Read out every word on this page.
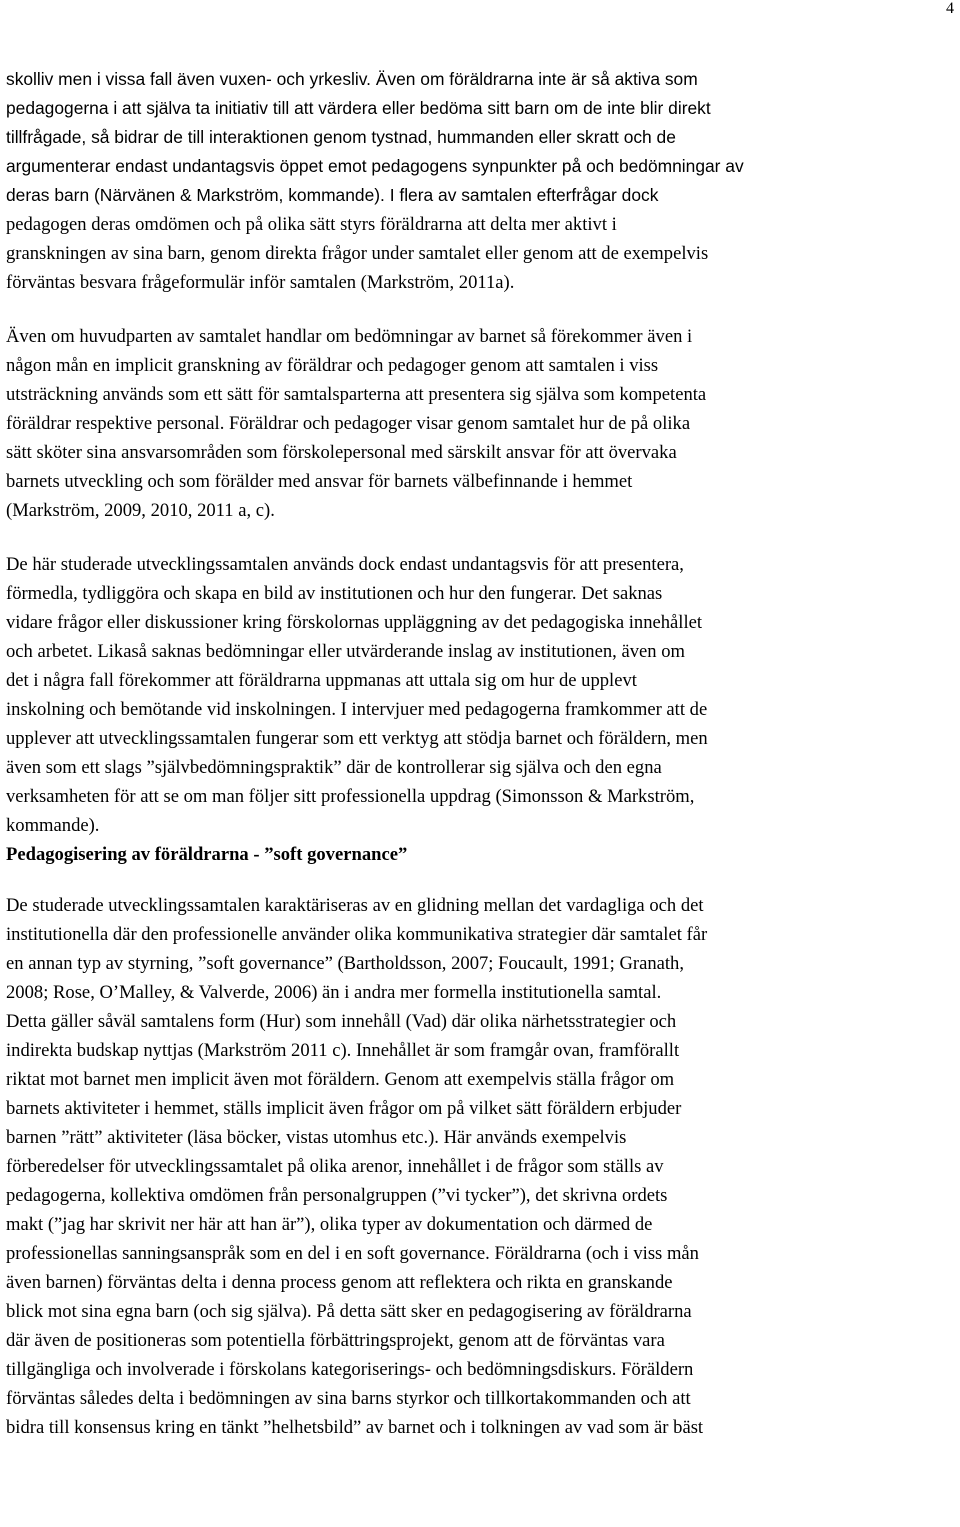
4

skolliv men i vissa fall även vuxen- och yrkesliv. Även om föräldrarna inte är så aktiva som
pedagogerna i att själva ta initiativ till att värdera eller bedöma sitt barn om de inte blir direkt
tillfrågade, så bidrar de till interaktionen genom tystnad, hummanden eller skratt och de
argumenterar endast undantagsvis öppet emot pedagogens synpunkter på och bedömningar av
deras barn (Närvänen & Markström, kommande). I flera av samtalen efterfrågar dock
pedagogen deras omdömen och på olika sätt styrs föräldrarna att delta mer aktivt i
granskningen av sina barn, genom direkta frågor under samtalet eller genom att de exempelvis
förväntas besvara frågeformulär inför samtalen (Markström, 2011a).

Även om huvudparten av samtalet handlar om bedömningar av barnet så förekommer även i
någon mån en implicit granskning av föräldrar och pedagoger genom att samtalen i viss
utsträckning används som ett sätt för samtalsparterna att presentera sig själva som kompetenta
föräldrar respektive personal. Föräldrar och pedagoger visar genom samtalet hur de på olika
sätt sköter sina ansvarsområden som förskolepersonal med särskilt ansvar för att övervaka
barnets utveckling och som förälder med ansvar för barnets välbefinnande i hemmet
(Markström, 2009, 2010, 2011 a, c).

De här studerade utvecklingssamtalen används dock endast undantagsvis för att presentera,
förmedla, tydliggöra och skapa en bild av institutionen och hur den fungerar. Det saknas
vidare frågor eller diskussioner kring förskolornas uppläggning av det pedagogiska innehållet
och arbetet. Likaså saknas bedömningar eller utvärderande inslag av institutionen, även om
det i några fall förekommer att föräldrarna uppmanas att uttala sig om hur de upplevt
inskolning och bemötande vid inskolningen. I intervjuer med pedagogerna framkommer att de
upplever att utvecklingssamtalen fungerar som ett verktyg att stödja barnet och föräldern, men
även som ett slags ”självbedömningspraktik” där de kontrollerar sig själva och den egna
verksamheten för att se om man följer sitt professionella uppdrag (Simonsson & Markström,
kommande).

Pedagogisering av föräldrarna - ”soft governance”

De studerade utvecklingssamtalen karaktäriseras av en glidning mellan det vardagliga och det
institutionella där den professionelle använder olika kommunikativa strategier där samtalet får
en annan typ av styrning, ”soft governance” (Bartholdsson, 2007; Foucault, 1991; Granath,
2008; Rose, O’Malley, & Valverde, 2006) än i andra mer formella institutionella samtal.
Detta gäller såväl samtalens form (Hur) som innehåll (Vad) där olika närhetsstrategier och
indirekta budskap nyttjas (Markström 2011 c). Innehållet är som framgår ovan, framförallt
riktat mot barnet men implicit även mot föräldern. Genom att exempelvis ställa frågor om
barnets aktiviteter i hemmet, ställs implicit även frågor om på vilket sätt föräldern erbjuder
barnen ”rätt” aktiviteter (läsa böcker, vistas utomhus etc.). Här används exempelvis
förberedelser för utvecklingssamtalet på olika arenor, innehållet i de frågor som ställs av
pedagogerna, kollektiva omdömen från personalgruppen (”vi tycker”), det skrivna ordets
makt (”jag har skrivit ner här att han är”), olika typer av dokumentation och därmed de
professionellas sanningsanspråk som en del i en soft governance. Föräldrarna (och i viss mån
även barnen) förväntas delta i denna process genom att reflektera och rikta en granskande
blick mot sina egna barn (och sig själva). På detta sätt sker en pedagogisering av föräldrarna
där även de positioneras som potentiella förbättringsprojekt, genom att de förväntas vara
tillgängliga och involverade i förskolans kategoriserings- och bedömningsdiskurs. Föräldern
förväntas således delta i bedömningen av sina barns styrkor och tillkortakommanden och att
bidra till konsensus kring en tänkt ”helhetsbild” av barnet och i tolkningen av vad som är bäst
